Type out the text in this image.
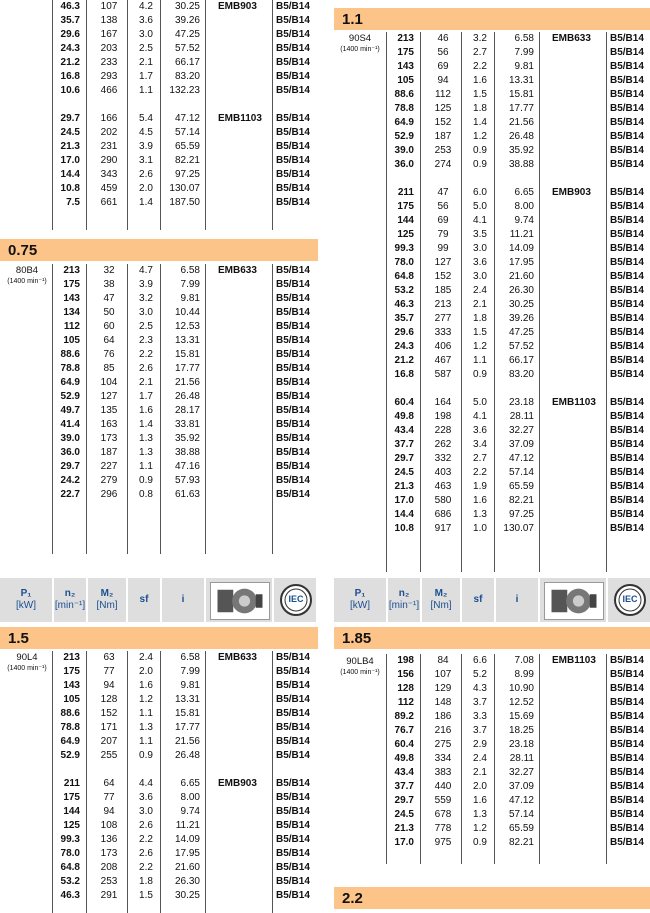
46.3	107	4.2	30.25 EMB903	B5/B14
35.7	138	3.6	39.26	B5/B14
29.6	167	3.0	47.25	B5/B14
24.3	203	2.5	57.52	B5/B14
21.2	233	2.1	66.17	B5/B14
16.8	293	1.7	83.20	B5/B14
10.6	466	1.1	132.23	B5/B14
29.7	166	5.4	47.12 EMB1103	B5/B14
24.5	202	4.5	57.14	B5/B14
21.3	231	3.9	65.59	B5/B14
17.0	290	3.1	82.21	B5/B14
14.4	343	2.6	97.25	B5/B14
10.8	459	2.0	130.07	B5/B14
7.5	661	1.4	187.50	B5/B14
0.75
80B4
(1400 min⁻¹)
213	32	4.7	6.58 EMB633	B5/B14
175	38	3.9	7.99	B5/B14
143	47	3.2	9.81	B5/B14
134	50	3.0	10.44	B5/B14
112	60	2.5	12.53	B5/B14
105	64	2.3	13.31	B5/B14
88.6	76	2.2	15.81	B5/B14
78.8	85	2.6	17.77	B5/B14
64.9	104	2.1	21.56	B5/B14
52.9	127	1.7	26.48	B5/B14
49.7	135	1.6	28.17	B5/B14
41.4	163	1.4	33.81	B5/B14
39.0	173	1.3	35.92	B5/B14
36.0	187	1.3	38.88	B5/B14
29.7	227	1.1	47.16	B5/B14
24.2	279	0.9	57.93	B5/B14
22.7	296	0.8	61.63	B5/B14
P₁
[kW]
n₂
[min⁻¹]
M₂
[Nm]
sf	i	IEC
1.5
90L4
(1400 min⁻¹)
213	63	2.4	6.58 EMB633	B5/B14
175	77	2.0	7.99	B5/B14
143	94	1.6	9.81	B5/B14
105	128	1.2	13.31	B5/B14
88.6	152	1.1	15.81	B5/B14
78.8	171	1.3	17.77	B5/B14
64.9	207	1.1	21.56	B5/B14
52.9	255	0.9	26.48	B5/B14
211	64	4.4	6.65 EMB903	B5/B14
175	77	3.6	8.00	B5/B14
144	94	3.0	9.74	B5/B14
125	108	2.6	11.21	B5/B14
99.3	136	2.2	14.09	B5/B14
78.0	173	2.6	17.95	B5/B14
64.8	208	2.2	21.60	B5/B14
53.2	253	1.8	26.30	B5/B14
46.3	291	1.5	30.25	B5/B14
1.1
90S4
(1400 min⁻¹)
213	46	3.2	6.58 EMB633	B5/B14
175	56	2.7	7.99	B5/B14
143	69	2.2	9.81	B5/B14
105	94	1.6	13.31	B5/B14
88.6	112	1.5	15.81	B5/B14
78.8	125	1.8	17.77	B5/B14
64.9	152	1.4	21.56	B5/B14
52.9	187	1.2	26.48	B5/B14
39.0	253	0.9	35.92	B5/B14
36.0	274	0.9	38.88	B5/B14
211	47	6.0	6.65 EMB903	B5/B14
175	56	5.0	8.00	B5/B14
144	69	4.1	9.74	B5/B14
125	79	3.5	11.21	B5/B14
99.3	99	3.0	14.09	B5/B14
78.0	127	3.6	17.95	B5/B14
64.8	152	3.0	21.60	B5/B14
53.2	185	2.4	26.30	B5/B14
46.3	213	2.1	30.25	B5/B14
35.7	277	1.8	39.26	B5/B14
29.6	333	1.5	47.25	B5/B14
24.3	406	1.2	57.52	B5/B14
21.2	467	1.1	66.17	B5/B14
16.8	587	0.9	83.20	B5/B14
60.4	164	5.0	23.18 EMB1103	B5/B14
49.8	198	4.1	28.11	B5/B14
43.4	228	3.6	32.27	B5/B14
37.7	262	3.4	37.09	B5/B14
29.7	332	2.7	47.12	B5/B14
24.5	403	2.2	57.14	B5/B14
21.3	463	1.9	65.59	B5/B14
17.0	580	1.6	82.21	B5/B14
14.4	686	1.3	97.25	B5/B14
10.8	917	1.0	130.07	B5/B14
P₁
[kW]
n₂
[min⁻¹]
M₂
[Nm]
sf	i	IEC
1.85
90LB4
(1400 min⁻¹)
198	84	6.6	7.08 EMB1103	B5/B14
156	107	5.2	8.99	B5/B14
128	129	4.3	10.90	B5/B14
112	148	3.7	12.52	B5/B14
89.2	186	3.3	15.69	B5/B14
76.7	216	3.7	18.25	B5/B14
60.4	275	2.9	23.18	B5/B14
49.8	334	2.4	28.11	B5/B14
43.4	383	2.1	32.27	B5/B14
37.7	440	2.0	37.09	B5/B14
29.7	559	1.6	47.12	B5/B14
24.5	678	1.3	57.14	B5/B14
21.3	778	1.2	65.59	B5/B14
17.0	975	0.9	82.21	B5/B14
2.2
